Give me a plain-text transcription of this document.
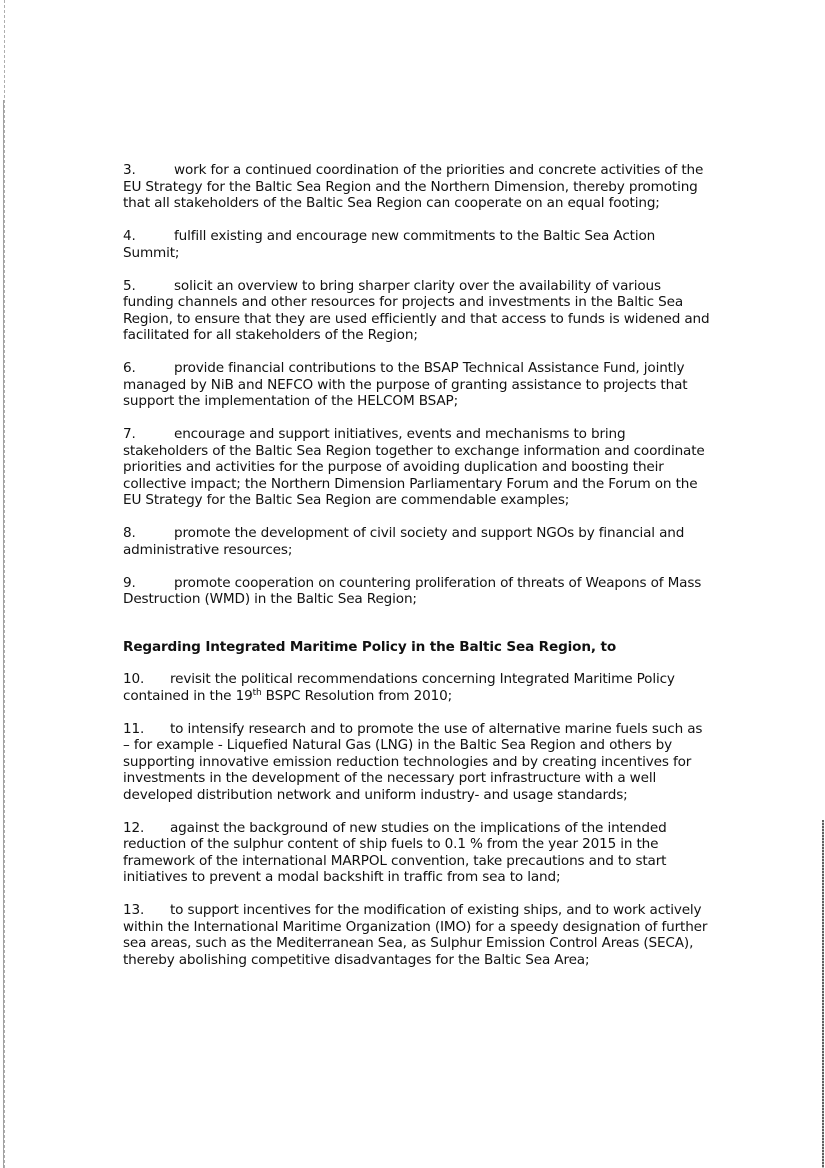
3.	work for a continued coordination of the priorities and concrete activities of the EU Strategy for the Baltic Sea Region and the Northern Dimension, thereby promoting that all stakeholders of the Baltic Sea Region can cooperate on an equal footing;

4.	fulfill existing and encourage new commitments to the Baltic Sea Action Summit;

5.	solicit an overview to bring sharper clarity over the availability of various funding channels and other resources for projects and investments in the Baltic Sea Region, to ensure that they are used efficiently and that access to funds is widened and facilitated for all stakeholders of the Region;

6.	provide financial contributions to the BSAP Technical Assistance Fund, jointly managed by NiB and NEFCO with the purpose of granting assistance to projects that support the implementation of the HELCOM BSAP;

7.	encourage and support initiatives, events and mechanisms to bring stakeholders of the Baltic Sea Region together to exchange information and coordinate priorities and activities for the purpose of avoiding duplication and boosting their collective impact; the Northern Dimension Parliamentary Forum and the Forum on the EU Strategy for the Baltic Sea Region are commendable examples;

8.	promote the development of civil society and support NGOs by financial and administrative resources;

9.	promote cooperation on countering proliferation of threats of Weapons of Mass Destruction (WMD) in the Baltic Sea Region;

Regarding Integrated Maritime Policy in the Baltic Sea Region, to

10. revisit the political recommendations concerning Integrated Maritime Policy contained in the 19th BSPC Resolution from 2010;

11. to intensify research and to promote the use of alternative marine fuels such as – for example - Liquefied Natural Gas (LNG) in the Baltic Sea Region and others by supporting innovative emission reduction technologies and by creating incentives for investments in the development of the necessary port infrastructure with a well developed distribution network and uniform industry- and usage standards;

12. against the background of new studies on the implications of the intended reduction of the sulphur content of ship fuels to 0.1 % from the year 2015 in the framework of the international MARPOL convention, take precautions and to start initiatives to prevent a modal backshift in traffic from sea to land;

13. to support incentives for the modification of existing ships, and to work actively within the International Maritime Organization (IMO) for a speedy designation of further sea areas, such as the Mediterranean Sea, as Sulphur Emission Control Areas (SECA), thereby abolishing competitive disadvantages for the Baltic Sea Area;
